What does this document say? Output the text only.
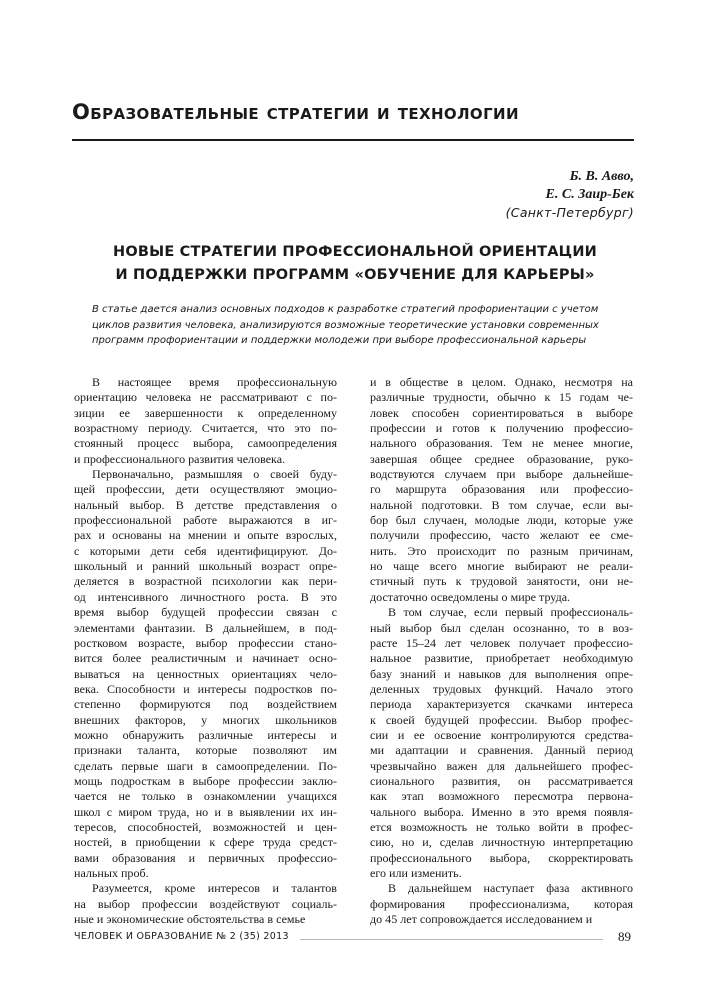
Образовательные стратегии и технологии
Б. В. Авво,
Е. С. Заир-Бек
(Санкт-Петербург)
НОВЫЕ СТРАТЕГИИ ПРОФЕССИОНАЛЬНОЙ ОРИЕНТАЦИИ
И ПОДДЕРЖКИ ПРОГРАММ «ОБУЧЕНИЕ ДЛЯ КАРЬЕРЫ»
В статье дается анализ основных подходов к разработке стратегий профориентации с учетом
циклов развития человека, анализируются возможные теоретические установки современных
программ профориентации и поддержки молодежи при выборе профессиональной карьеры
В настоящее время профессиональную
ориентацию человека не рассматривают с по-
зиции ее завершенности к определенному
возрастному периоду. Считается, что это по-
стоянный процесс выбора, самоопределения
и профессионального развития человека.
Первоначально, размышляя о своей буду-
щей профессии, дети осуществляют эмоцио-
нальный выбор. В детстве представления о
профессиональной работе выражаются в иг-
рах и основаны на мнении и опыте взрослых,
с которыми дети себя идентифицируют. До-
школьный и ранний школьный возраст опре-
деляется в возрастной психологии как пери-
од интенсивного личностного роста. В это
время выбор будущей профессии связан с
элементами фантазии. В дальнейшем, в под-
ростковом возрасте, выбор профессии стано-
вится более реалистичным и начинает осно-
вываться на ценностных ориентациях чело-
века. Способности и интересы подростков по-
степенно формируются под воздействием
внешних факторов, у многих школьников
можно обнаружить различные интересы и
признаки таланта, которые позволяют им
сделать первые шаги в самоопределении. По-
мощь подросткам в выборе профессии заклю-
чается не только в ознакомлении учащихся
школ с миром труда, но и в выявлении их ин-
тересов, способностей, возможностей и цен-
ностей, в приобщении к сфере труда средст-
вами образования и первичных профессио-
нальных проб.
Разумеется, кроме интересов и талантов
на выбор профессии воздействуют социаль-
ные и экономические обстоятельства в семье
и в обществе в целом. Однако, несмотря на
различные трудности, обычно к 15 годам че-
ловек способен сориентироваться в выборе
профессии и готов к получению профессио-
нального образования. Тем не менее многие,
завершая общее среднее образование, руко-
водствуются случаем при выборе дальнейше-
го маршрута образования или профессио-
нальной подготовки. В том случае, если вы-
бор был случаен, молодые люди, которые уже
получили профессию, часто желают ее сме-
нить. Это происходит по разным причинам,
но чаще всего многие выбирают не реали-
стичный путь к трудовой занятости, они не-
достаточно осведомлены о мире труда.
В том случае, если первый профессиональ-
ный выбор был сделан осознанно, то в воз-
расте 15–24 лет человек получает профессио-
нальное развитие, приобретает необходимую
базу знаний и навыков для выполнения опре-
деленных трудовых функций. Начало этого
периода характеризуется скачками интереса
к своей будущей профессии. Выбор профес-
сии и ее освоение контролируются средства-
ми адаптации и сравнения. Данный период
чрезвычайно важен для дальнейшего профес-
сионального развития, он рассматривается
как этап возможного пересмотра первона-
чального выбора. Именно в это время появля-
ется возможность не только войти в профес-
сию, но и, сделав личностную интерпретацию
профессионального выбора, скорректировать
его или изменить.
В дальнейшем наступает фаза активного
формирования профессионализма, которая
до 45 лет сопровождается исследованием и
ЧЕЛОВЕК И ОБРАЗОВАНИЕ № 2 (35) 2013	89
